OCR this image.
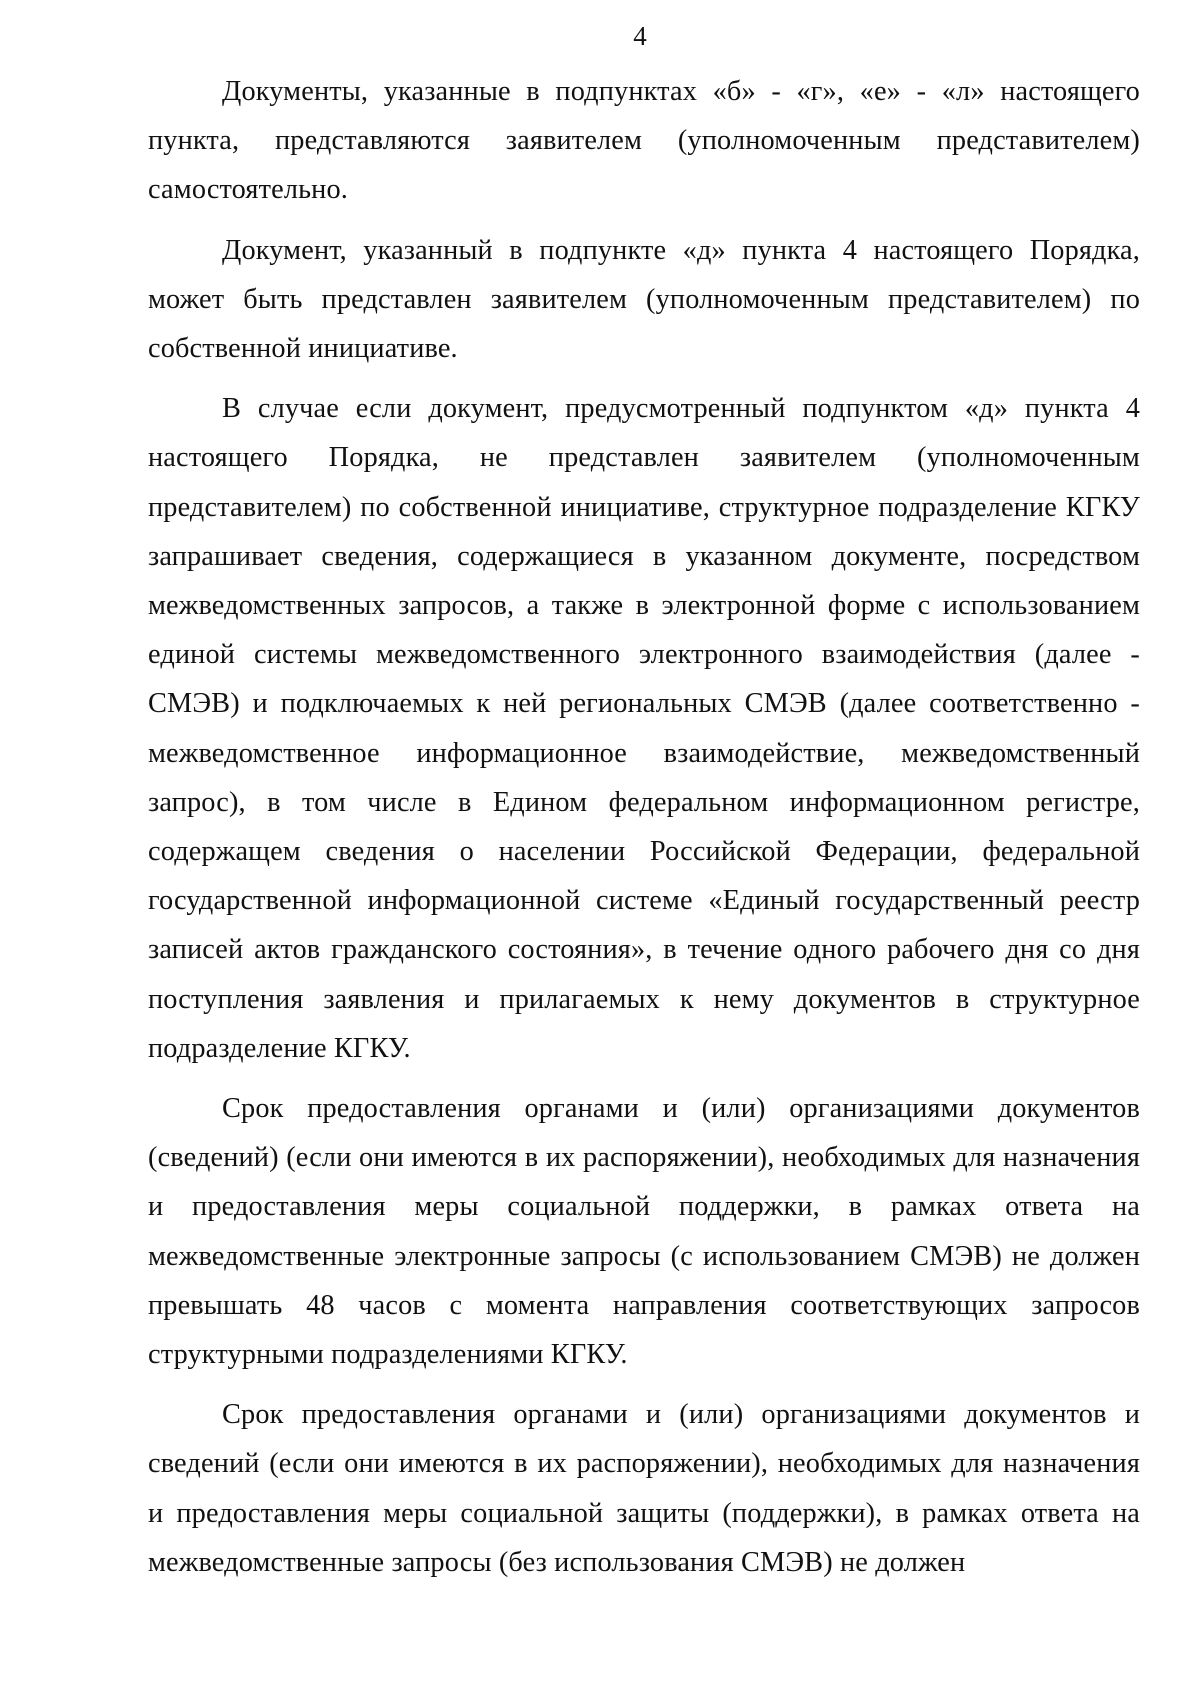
4

Документы, указанные в подпунктах «б» - «г», «е» - «л» настоящего пункта, представляются заявителем (уполномоченным представителем) самостоятельно.

Документ, указанный в подпункте «д» пункта 4 настоящего Порядка, может быть представлен заявителем (уполномоченным представителем) по собственной инициативе.

В случае если документ, предусмотренный подпунктом «д» пункта 4 настоящего Порядка, не представлен заявителем (уполномоченным представителем) по собственной инициативе, структурное подразделение КГКУ запрашивает сведения, содержащиеся в указанном документе, посредством межведомственных запросов, а также в электронной форме с использованием единой системы межведомственного электронного взаимодействия (далее - СМЭВ) и подключаемых к ней региональных СМЭВ (далее соответственно - межведомственное информационное взаимодействие, межведомственный запрос), в том числе в Едином федеральном информационном регистре, содержащем сведения о населении Российской Федерации, федеральной государственной информационной системе «Единый государственный реестр записей актов гражданского состояния», в течение одного рабочего дня со дня поступления заявления и прилагаемых к нему документов в структурное подразделение КГКУ.

Срок предоставления органами и (или) организациями документов (сведений) (если они имеются в их распоряжении), необходимых для назначения и предоставления меры социальной поддержки, в рамках ответа на межведомственные электронные запросы (с использованием СМЭВ) не должен превышать 48 часов с момента направления соответствующих запросов структурными подразделениями КГКУ.

Срок предоставления органами и (или) организациями документов и сведений (если они имеются в их распоряжении), необходимых для назначения и предоставления меры социальной защиты (поддержки), в рамках ответа на межведомственные запросы (без использования СМЭВ) не должен
